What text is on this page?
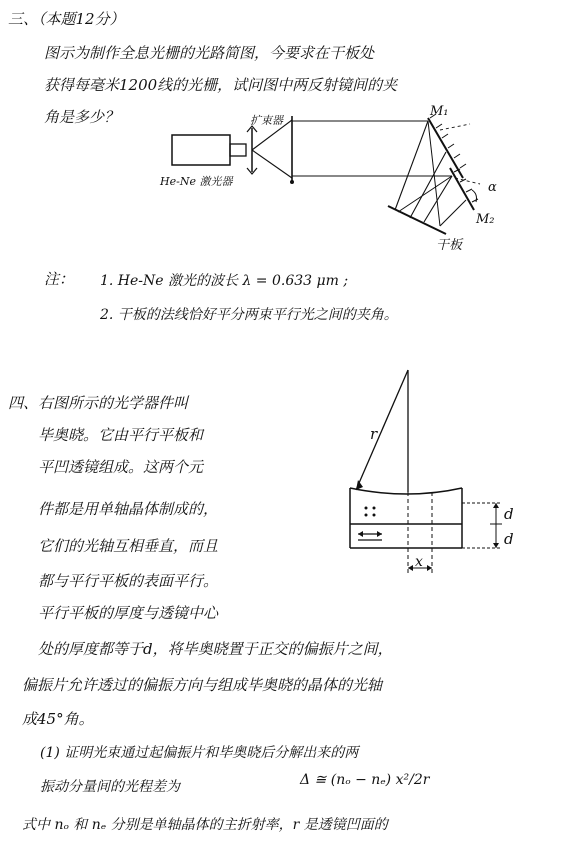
三、（本题12分）
图示为制作全息光栅的光路简图，今要求在干板处
获得每毫米1200线的光栅，试问图中两反射镜间的夹
角是多少？	扩束器
He-Ne 激光器
M₁
α
M₂
干板
注： 1. He-Ne 激光的波长 λ = 0.633 μm ;
2. 干板的法线恰好平分两束平行光之间的夹角。
四、 右图所示的光学器件叫
毕奥晓。它由平行平板和
平凹透镜组成。这两个元
件都是用单轴晶体制成的，
它们的光轴互相垂直，而且
都与平行平板的表面平行。
平行平板的厚度与透镜中心
处的厚度都等于d，将毕奥晓置于正交的偏振片之间，
偏振片允许透过的偏振方向与组成毕奥晓的晶体的光轴
成45°角。
(1) 证明光束通过起偏振片和毕奥晓后分解出来的两
振动分量间的光程差为	Δ ≅ (nₒ − nₑ) x²/2r
式中 nₒ 和 nₑ 分别是单轴晶体的主折射率，r 是透镜凹面的
r
d
d
x
